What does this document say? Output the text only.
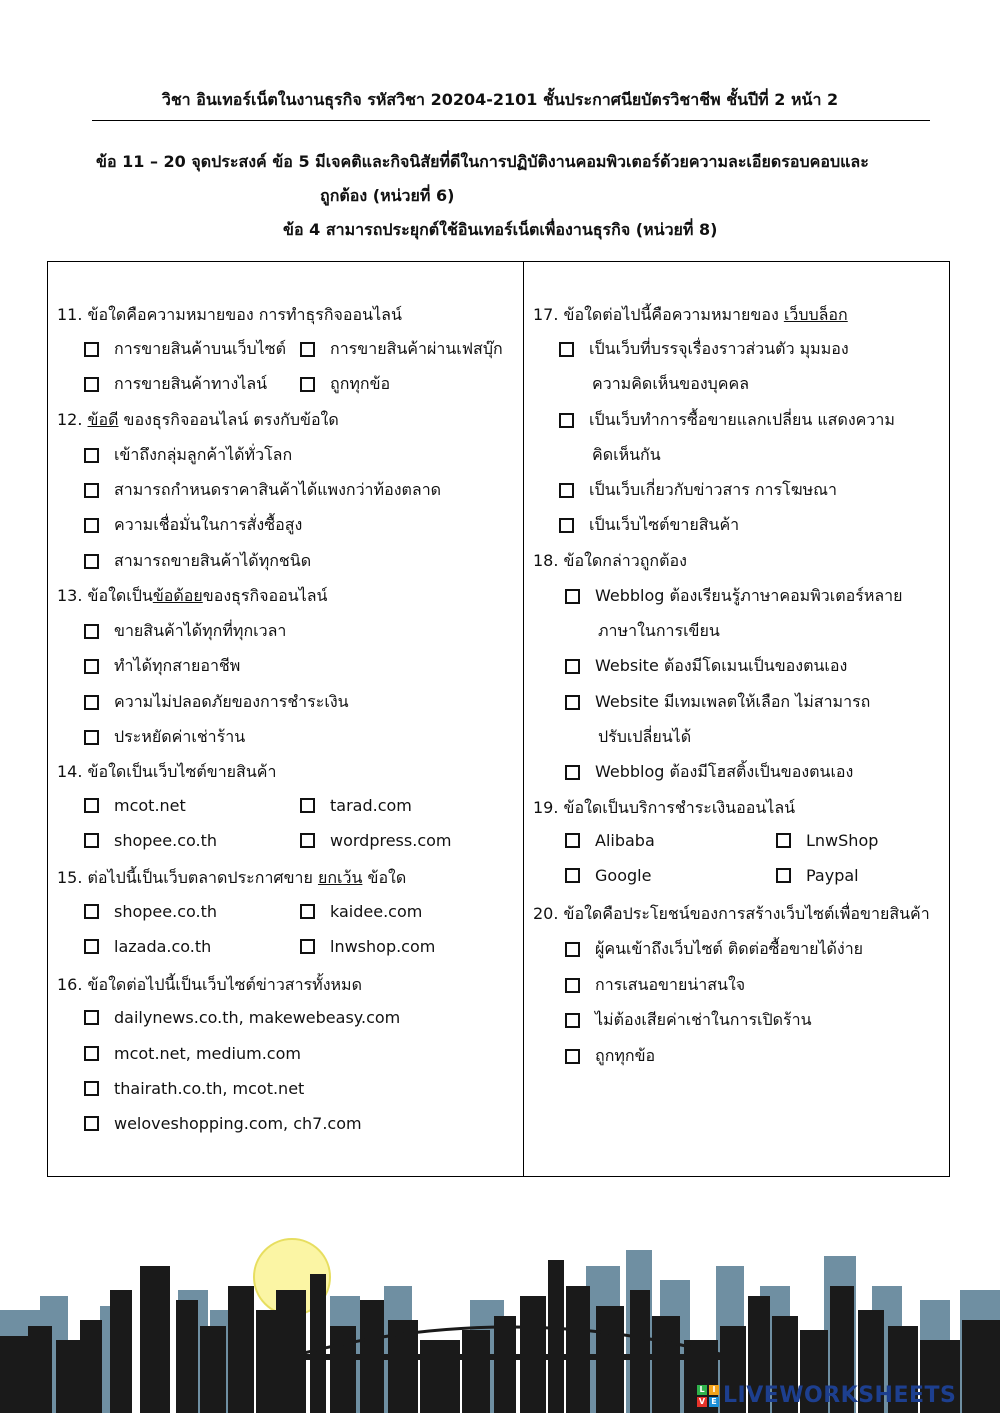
วิชา อินเทอร์เน็ตในงานธุรกิจ รหัสวิชา 20204-2101 ชั้นประกาศนียบัตรวิชาชีพ ชั้นปีที่ 2 หน้า 2
ข้อ 11 – 20 จุดประสงค์ ข้อ 5 มีเจคติและกิจนิสัยที่ดีในการปฏิบัติงานคอมพิวเตอร์ด้วยความละเอียดรอบคอบและ
ถูกต้อง (หน่วยที่ 6)
ข้อ 4 สามารถประยุกต์ใช้อินเทอร์เน็ตเพื่องานธุรกิจ (หน่วยที่ 8)
11. ข้อใดคือความหมายของ การทำธุรกิจออนไลน์
การขายสินค้าบนเว็บไซต์	การขายสินค้าผ่านเฟสบุ๊ก
การขายสินค้าทางไลน์	ถูกทุกข้อ
12. ข้อดี ของธุรกิจออนไลน์ ตรงกับข้อใด
เข้าถึงกลุ่มลูกค้าได้ทั่วโลก
สามารถกำหนดราคาสินค้าได้แพงกว่าท้องตลาด
ความเชื่อมั่นในการสั่งซื้อสูง
สามารถขายสินค้าได้ทุกชนิด
13. ข้อใดเป็นข้อด้อยของธุรกิจออนไลน์
ขายสินค้าได้ทุกที่ทุกเวลา
ทำได้ทุกสายอาชีพ
ความไม่ปลอดภัยของการชำระเงิน
ประหยัดค่าเช่าร้าน
14. ข้อใดเป็นเว็บไซต์ขายสินค้า
mcot.net	tarad.com
shopee.co.th	wordpress.com
15. ต่อไปนี้เป็นเว็บตลาดประกาศขาย ยกเว้น ข้อใด
shopee.co.th	kaidee.com
lazada.co.th	lnwshop.com
16. ข้อใดต่อไปนี้เป็นเว็บไซต์ข่าวสารทั้งหมด
dailynews.co.th, makewebeasy.com
mcot.net, medium.com
thairath.co.th, mcot.net
weloveshopping.com, ch7.com
17. ข้อใดต่อไปนี้คือความหมายของ เว็บบล็อก
เป็นเว็บที่บรรจุเรื่องราวส่วนตัว มุมมอง
ความคิดเห็นของบุคคล
เป็นเว็บทำการซื้อขายแลกเปลี่ยน แสดงความ
คิดเห็นกัน
เป็นเว็บเกี่ยวกับข่าวสาร การโฆษณา
เป็นเว็บไซต์ขายสินค้า
18. ข้อใดกล่าวถูกต้อง
Webblog ต้องเรียนรู้ภาษาคอมพิวเตอร์หลาย
ภาษาในการเขียน
Website ต้องมีโดเมนเป็นของตนเอง
Website มีเทมเพลตให้เลือก ไม่สามารถ
ปรับเปลี่ยนได้
Webblog ต้องมีโฮสติ้งเป็นของตนเอง
19. ข้อใดเป็นบริการชำระเงินออนไลน์
Alibaba	LnwShop
Google	Paypal
20. ข้อใดคือประโยชน์ของการสร้างเว็บไซต์เพื่อขายสินค้า
ผู้คนเข้าถึงเว็บไซต์ ติดต่อซื้อขายได้ง่าย
การเสนอขายน่าสนใจ
ไม่ต้องเสียค่าเช่าในการเปิดร้าน
ถูกทุกข้อ
L I
V E LIVEWORKSHEETS
